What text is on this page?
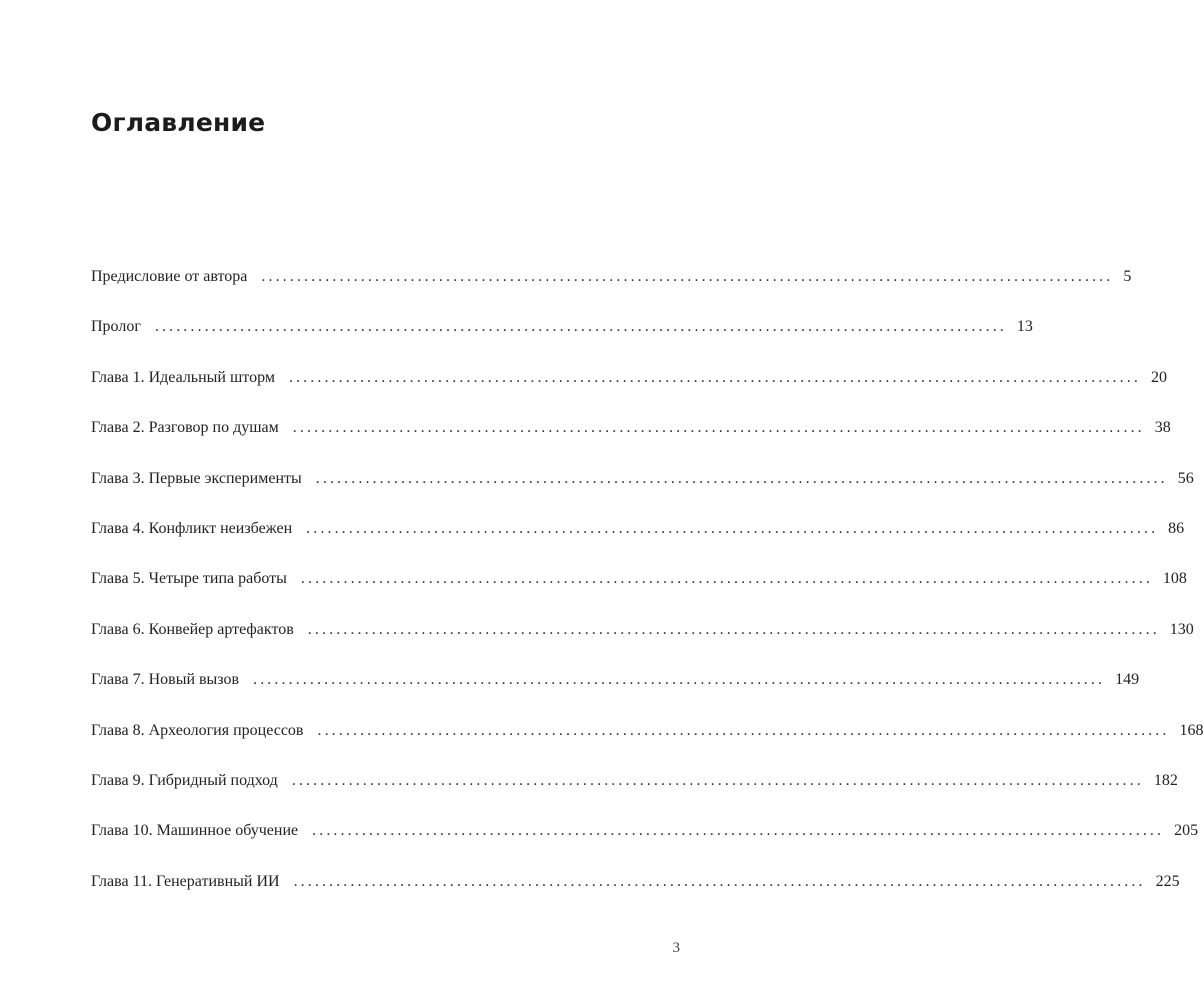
Оглавление
Предисловие от автора ........................................................................................................................ 5
Пролог ........................................................................................................................ 13
Глава 1. Идеальный шторм ........................................................................................................................ 20
Глава 2. Разговор по душам ........................................................................................................................ 38
Глава 3. Первые эксперименты ........................................................................................................................ 56
Глава 4. Конфликт неизбежен ........................................................................................................................ 86
Глава 5. Четыре типа работы ........................................................................................................................ 108
Глава 6. Конвейер артефактов ........................................................................................................................ 130
Глава 7. Новый вызов ........................................................................................................................ 149
Глава 8. Археология процессов ........................................................................................................................ 168
Глава 9. Гибридный подход ........................................................................................................................ 182
Глава 10. Машинное обучение ........................................................................................................................ 205
Глава 11. Генеративный ИИ ........................................................................................................................ 225
3
